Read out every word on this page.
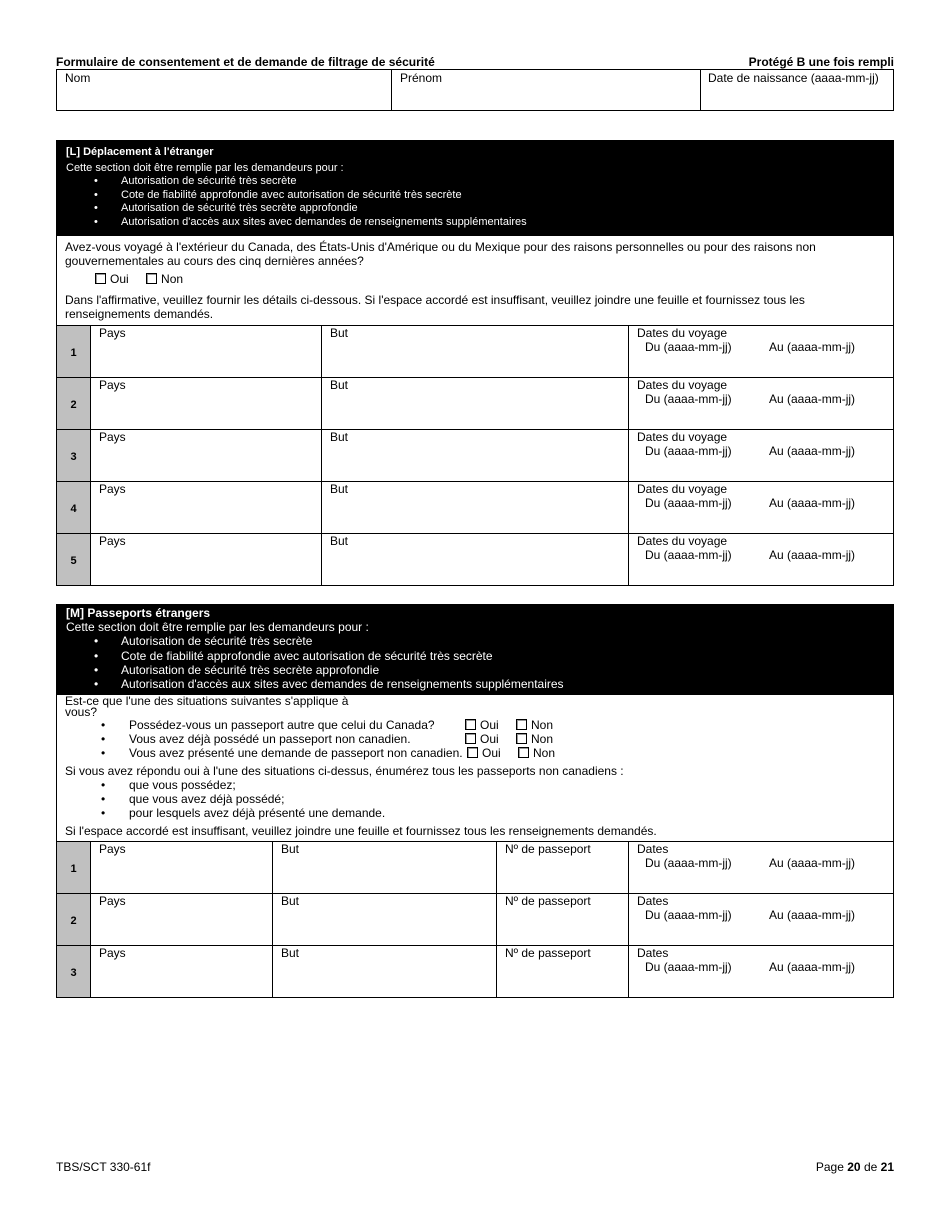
Formulaire de consentement et de demande de filtrage de sécurité	Protégé B une fois rempli
Nom	Prénom	Date de naissance (aaaa-mm-jj)
[L] Déplacement à l'étranger
Cette section doit être remplie par les demandeurs pour :
• Autorisation de sécurité très secrète
• Cote de fiabilité approfondie avec autorisation de sécurité très secrète
• Autorisation de sécurité très secrète approfondie
• Autorisation d'accès aux sites avec demandes de renseignements supplémentaires
Avez-vous voyagé à l'extérieur du Canada, des États-Unis d'Amérique ou du Mexique pour des raisons personnelles ou pour des raisons non gouvernementales au cours des cinq dernières années?
Oui	Non
Dans l'affirmative, veuillez fournir les détails ci-dessous. Si l'espace accordé est insuffisant, veuillez joindre une feuille et fournissez tous les renseignements demandés.
1
Pays	But	Dates du voyage
Du (aaaa-mm-jj)	Au (aaaa-mm-jj)
2
Pays	But	Dates du voyage
Du (aaaa-mm-jj)	Au (aaaa-mm-jj)
3
Pays	But	Dates du voyage
Du (aaaa-mm-jj)	Au (aaaa-mm-jj)
4
Pays	But	Dates du voyage
Du (aaaa-mm-jj)	Au (aaaa-mm-jj)
5
Pays	But	Dates du voyage
Du (aaaa-mm-jj)	Au (aaaa-mm-jj)
[M] Passeports étrangers
Cette section doit être remplie par les demandeurs pour :
• Autorisation de sécurité très secrète
• Cote de fiabilité approfondie avec autorisation de sécurité très secrète
• Autorisation de sécurité très secrète approfondie
• Autorisation d'accès aux sites avec demandes de renseignements supplémentaires
Est-ce que l'une des situations suivantes s'applique à
vous?
• Possédez-vous un passeport autre que celui du Canada?	Oui	Non
• Vous avez déjà possédé un passeport non canadien.	Oui	Non
• Vous avez présenté une demande de passeport non canadien.	Oui	Non
Si vous avez répondu oui à l'une des situations ci-dessus, énumérez tous les passeports non canadiens :
• que vous possédez;
• que vous avez déjà possédé;
• pour lesquels avez déjà présenté une demande.
Si l'espace accordé est insuffisant, veuillez joindre une feuille et fournissez tous les renseignements demandés.
1
Pays	But	Nº de passeport	Dates
Du (aaaa-mm-jj)	Au (aaaa-mm-jj)
2
Pays	But	Nº de passeport	Dates
Du (aaaa-mm-jj)	Au (aaaa-mm-jj)
3
Pays	But	Nº de passeport	Dates
Du (aaaa-mm-jj)	Au (aaaa-mm-jj)
TBS/SCT 330-61f	Page 20 de 21
